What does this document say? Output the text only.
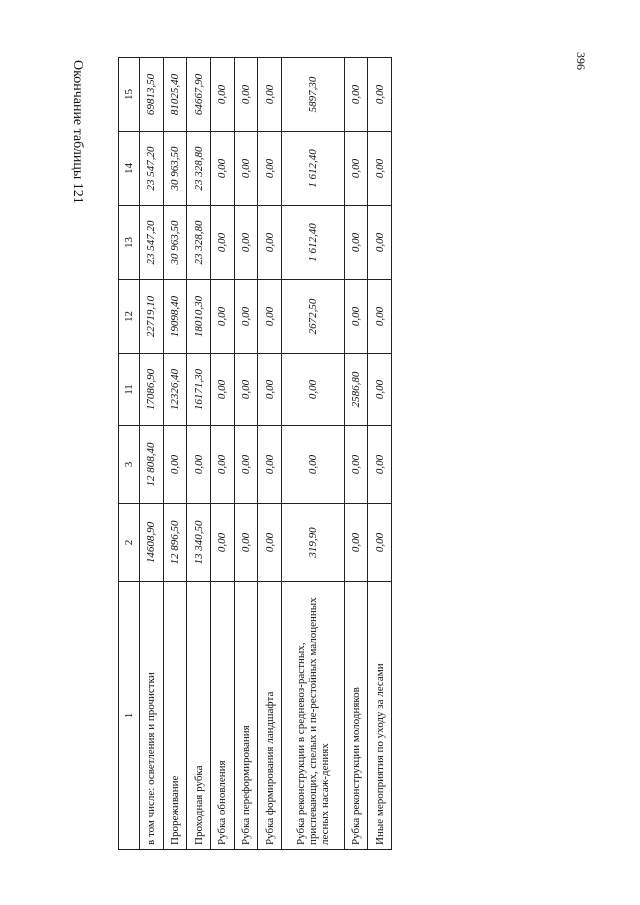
396
Окончание таблицы 121
1	2	3	11	12	13	14	15
в том числе: осветления и прочистки	14608,90	12 808,40	17086,90	22719,10	23 547,20	23 547,20	69813,50
Прореживание	12 896,50	0,00	12326,40	19098,40	30 963,50	30 963,50	81025,40
Проходная рубка	13 340,50	0,00	16171,30	18010,30	23 328,80	23 328,80	64667,90
Рубка обновления	0,00	0,00	0,00	0,00	0,00	0,00	0,00
Рубка переформирования	0,00	0,00	0,00	0,00	0,00	0,00	0,00
Рубка формирования ландшафта	0,00	0,00	0,00	0,00	0,00	0,00	0,00
Рубка реконструкции в средневоз-растных, приспевающих, спелых и пе-рестойных малоценных лесных насаж-дениях	319,90	0,00	0,00	2672,50	1 612,40	1 612,40	5897,30
Рубка реконструкции молодняков	0,00	0,00	2586,80	0,00	0,00	0,00	0,00
Иные мероприятия по уходу за лесами	0,00	0,00	0,00	0,00	0,00	0,00	0,00
